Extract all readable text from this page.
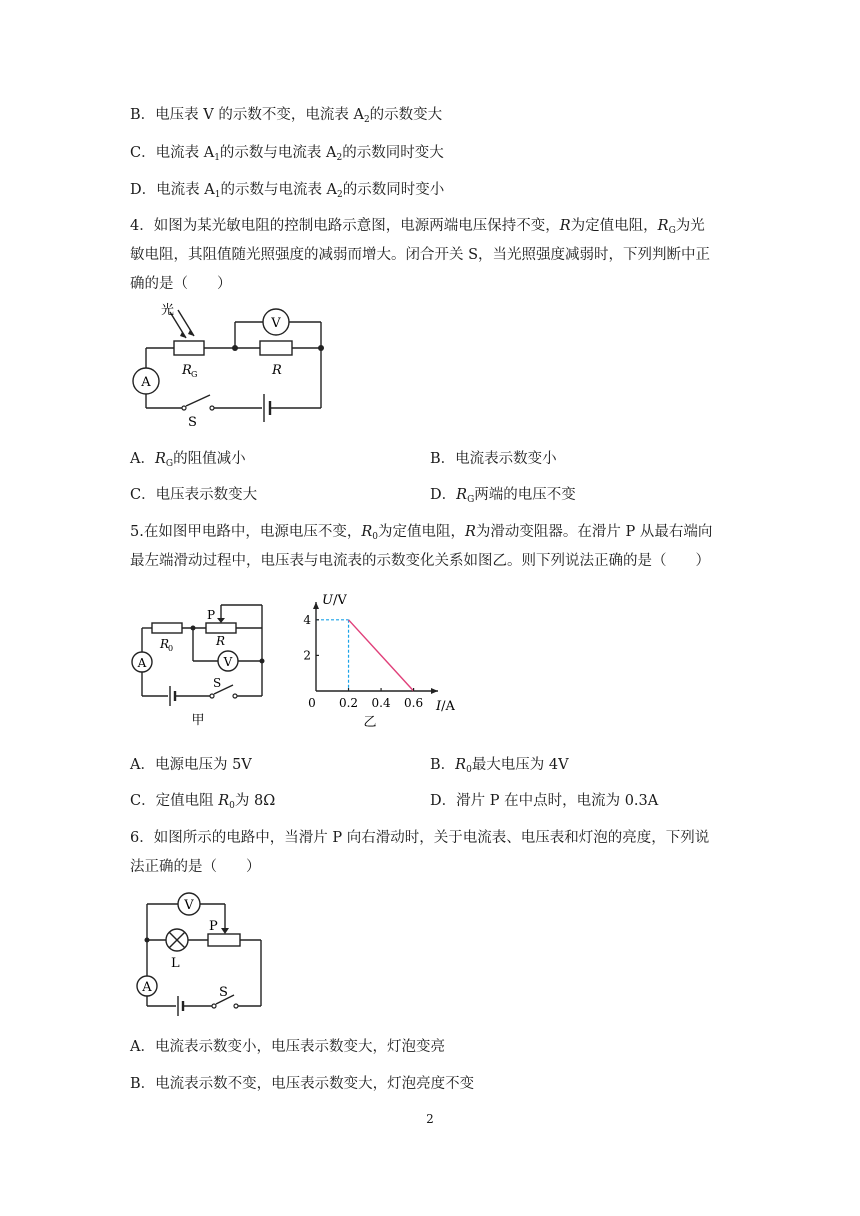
B．电压表 V 的示数不变，电流表 $A_2$的示数变大
C．电流表 $A_1$的示数与电流表 $A_2$的示数同时变大
D．电流表 $A_1$的示数与电流表 $A_2$的示数同时变小
4．如图为某光敏电阻的控制电路示意图，电源两端电压保持不变，R为定值电阻，$R_G$为光
敏电阻，其阻值随光照强度的减弱而增大。闭合开关 S，当光照强度减弱时，下列判断中正
确的是（　　）
光
R G	R
V
A
S
A．$R_G$的阻值减小	B．电流表示数变小
C．电压表示数变大	D．$R_G$两端的电压不变
5.在如图甲电路中，电源电压不变，$R_0$为定值电阻，R为滑动变阻器。在滑片 P 从最右端向
最左端滑动过程中，电压表与电流表的示数变化关系如图乙。则下列说法正确的是（　　）
P
R
0
R
V
A
S
甲
0.2 0.4 0.6
2
4
U/V
I/A
0
乙
A．电源电压为 5V	B．$R_0$最大电压为 4V
C．定值电阻 $R_0$为 8Ω	D．滑片 P 在中点时，电流为 0.3A
6．如图所示的电路中，当滑片 P 向右滑动时，关于电流表、电压表和灯泡的亮度，下列说
法正确的是（　　）
V
P
L
A	S
A．电流表示数变小，电压表示数变大，灯泡变亮
B．电流表示数不变，电压表示数变大，灯泡亮度不变
2
